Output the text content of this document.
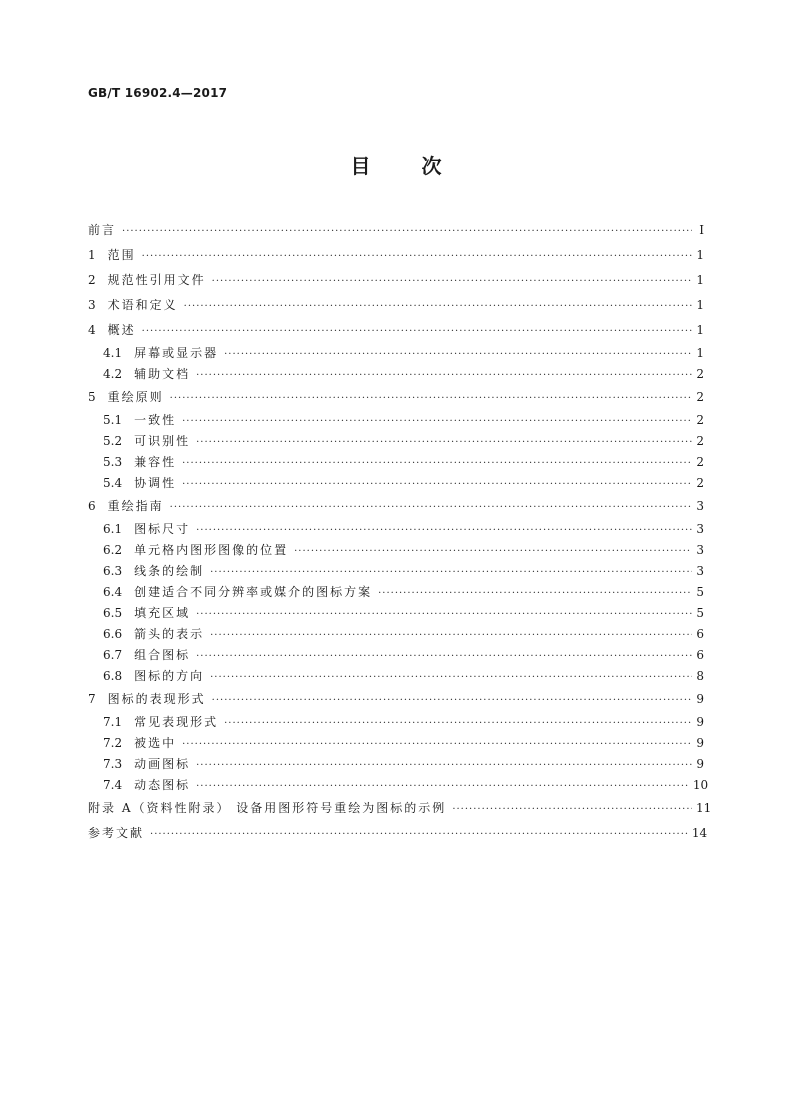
GB/T 16902.4—2017
目	次
前言 ·····	I
1 范围 ·····	1
2 规范性引用文件 ·····	1
3 术语和定义 ·····	1
4 概述 ·····	1
4.1 屏幕或显示器 ·····	1
4.2 辅助文档 ·····	2
5 重绘原则 ·····	2
5.1 一致性 ·····	2
5.2 可识别性 ·····	2
5.3 兼容性 ·····	2
5.4 协调性 ·····	2
6 重绘指南 ·····	3
6.1 图标尺寸 ·····	3
6.2 单元格内图形图像的位置 ·····	3
6.3 线条的绘制 ·····	3
6.4 创建适合不同分辨率或媒介的图标方案 ·····	5
6.5 填充区域 ·····	5
6.6 箭头的表示 ·····	6
6.7 组合图标 ·····	6
6.8 图标的方向 ·····	8
7 图标的表现形式 ·····	9
7.1 常见表现形式 ·····	9
7.2 被选中 ·····	9
7.3 动画图标 ·····	9
7.4 动态图标 ·····	10
附录 A（资料性附录） 设备用图形符号重绘为图标的示例 ·····	11
参考文献 ·····	14
